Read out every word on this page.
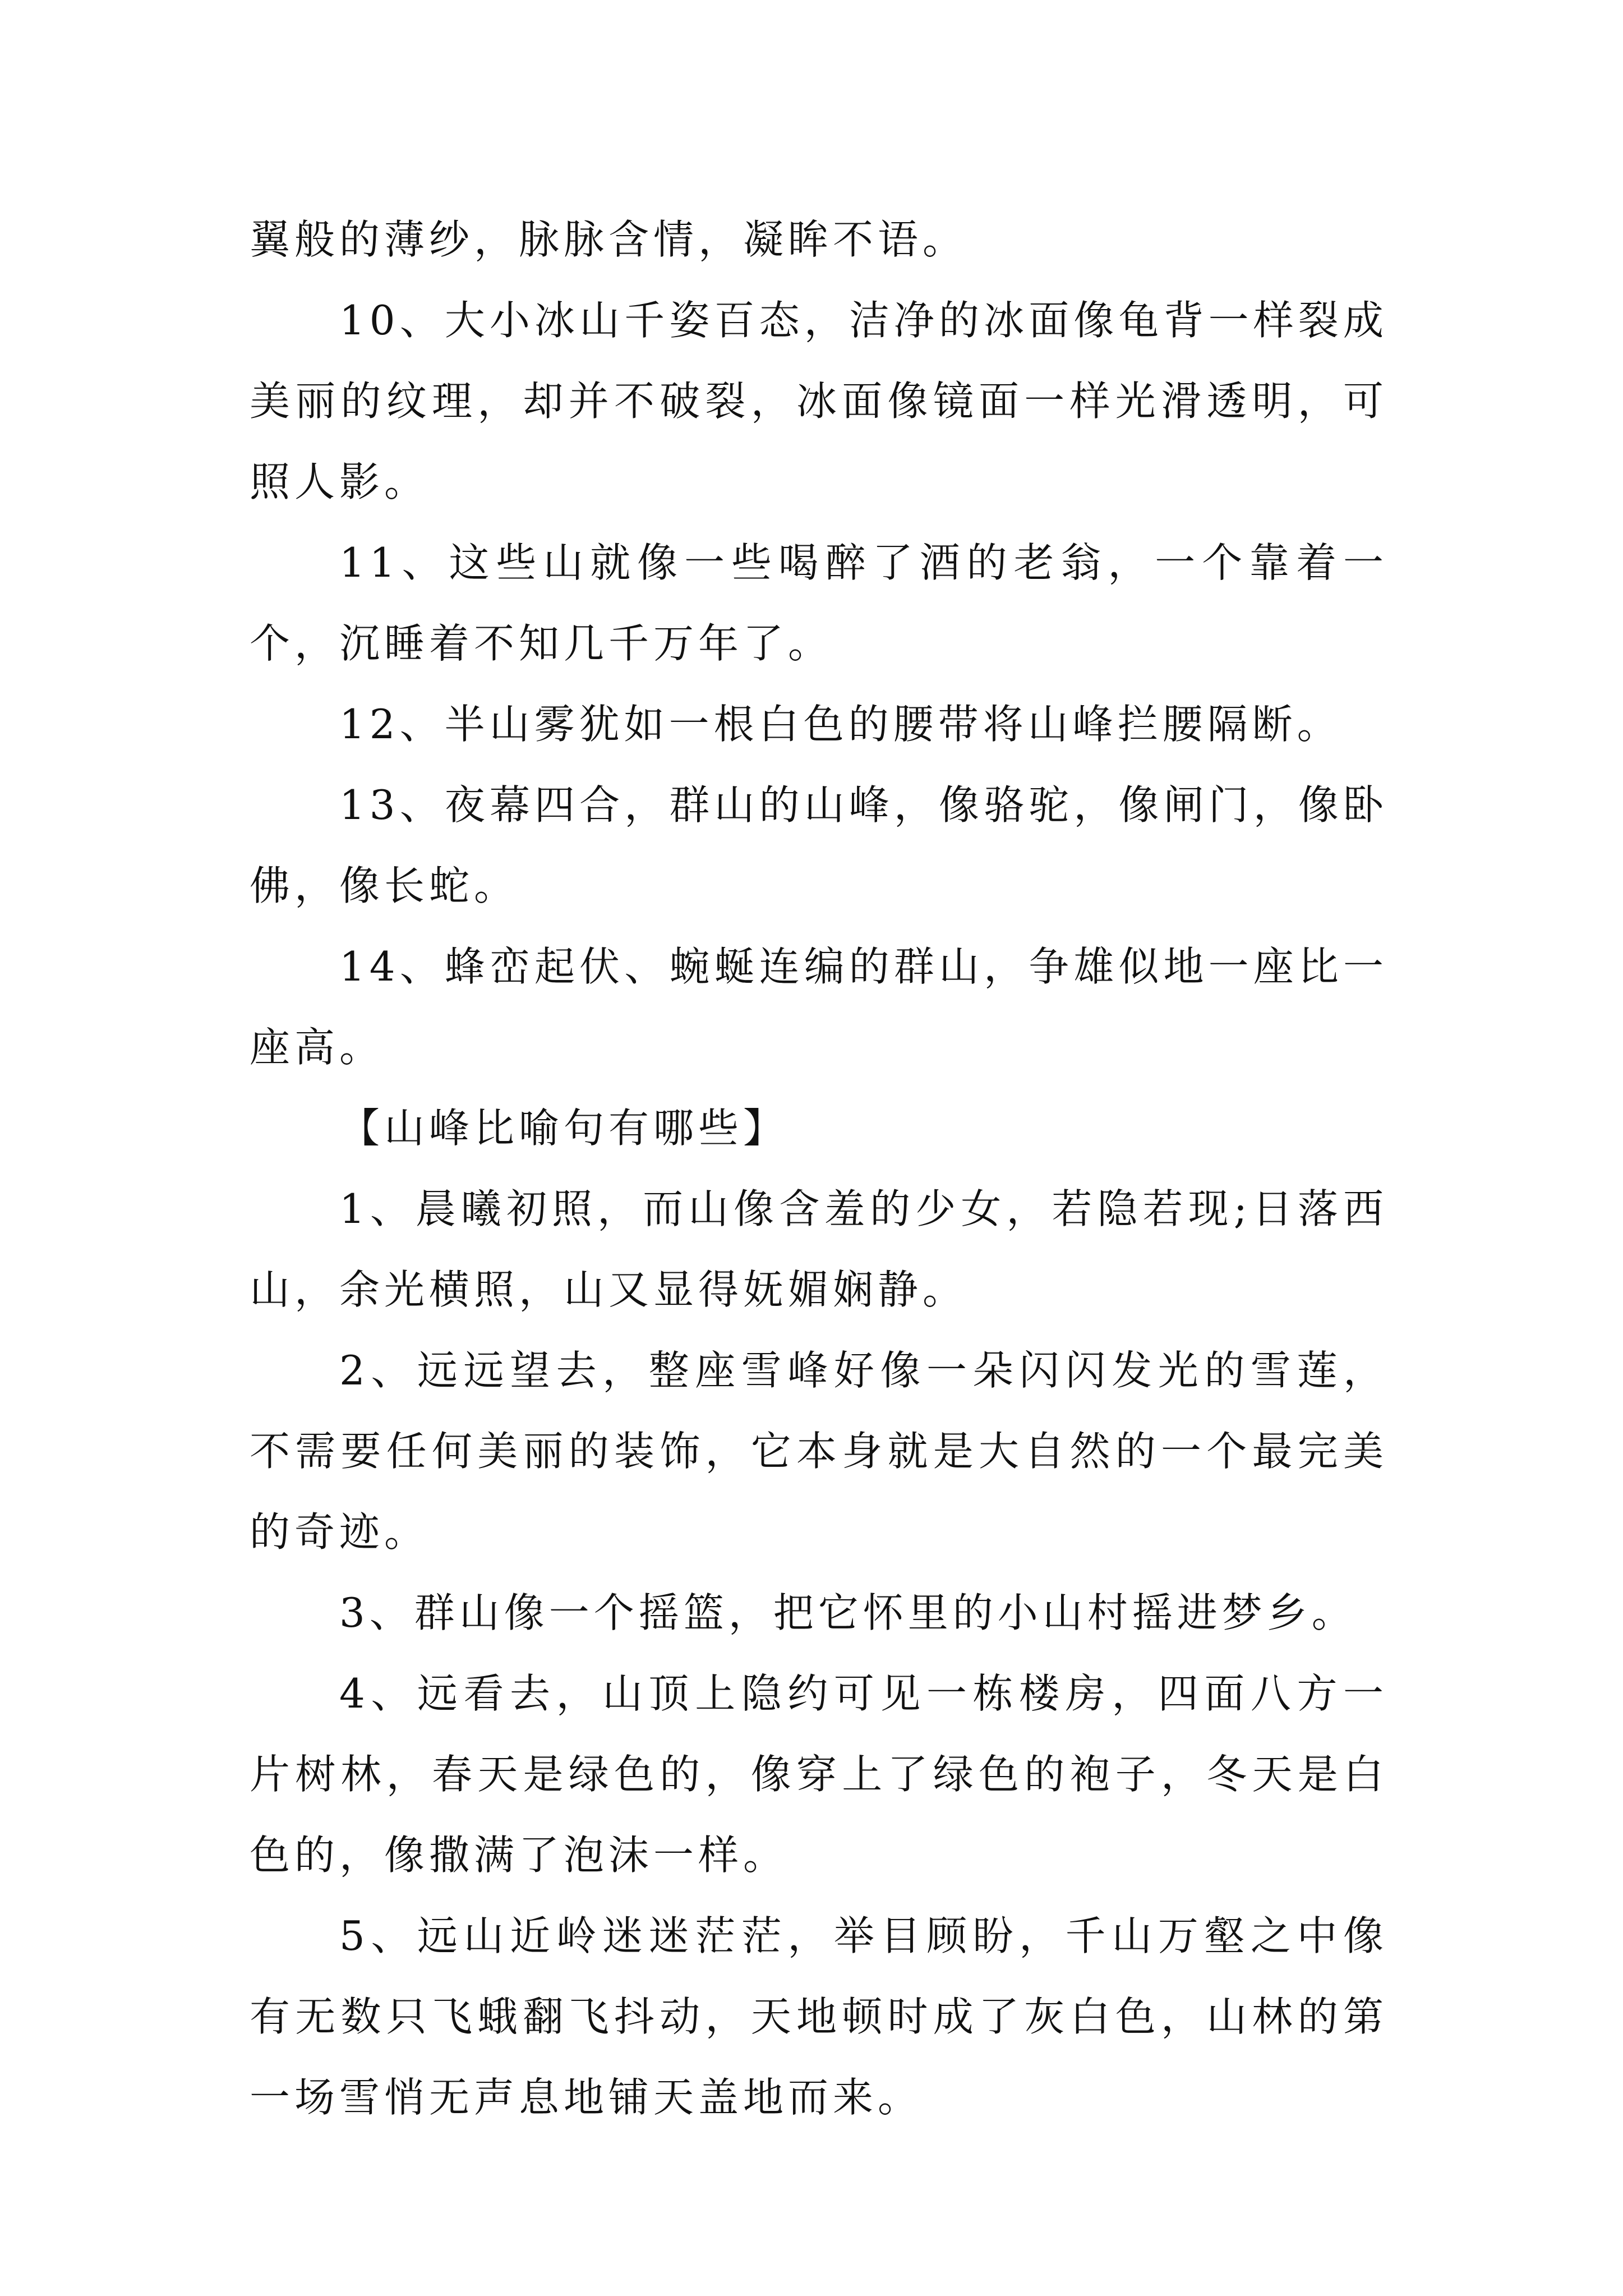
翼般的薄纱，脉脉含情，凝眸不语。

10、大小冰山千姿百态，洁净的冰面像龟背一样裂成美丽的纹理，却并不破裂，冰面像镜面一样光滑透明，可照人影。

11、这些山就像一些喝醉了酒的老翁，一个靠着一个，沉睡着不知几千万年了。

12、半山雾犹如一根白色的腰带将山峰拦腰隔断。

13、夜幕四合，群山的山峰，像骆驼，像闸门，像卧佛，像长蛇。

14、蜂峦起伏、蜿蜒连编的群山，争雄似地一座比一座高。

【山峰比喻句有哪些】

1、晨曦初照，而山像含羞的少女，若隐若现;日落西山，余光横照，山又显得妩媚娴静。

2、远远望去，整座雪峰好像一朵闪闪发光的雪莲，不需要任何美丽的装饰，它本身就是大自然的一个最完美的奇迹。

3、群山像一个摇篮，把它怀里的小山村摇进梦乡。

4、远看去，山顶上隐约可见一栋楼房，四面八方一片树林，春天是绿色的，像穿上了绿色的袍子，冬天是白色的，像撒满了泡沫一样。

5、远山近岭迷迷茫茫，举目顾盼，千山万壑之中像有无数只飞蛾翻飞抖动，天地顿时成了灰白色，山林的第一场雪悄无声息地铺天盖地而来。
